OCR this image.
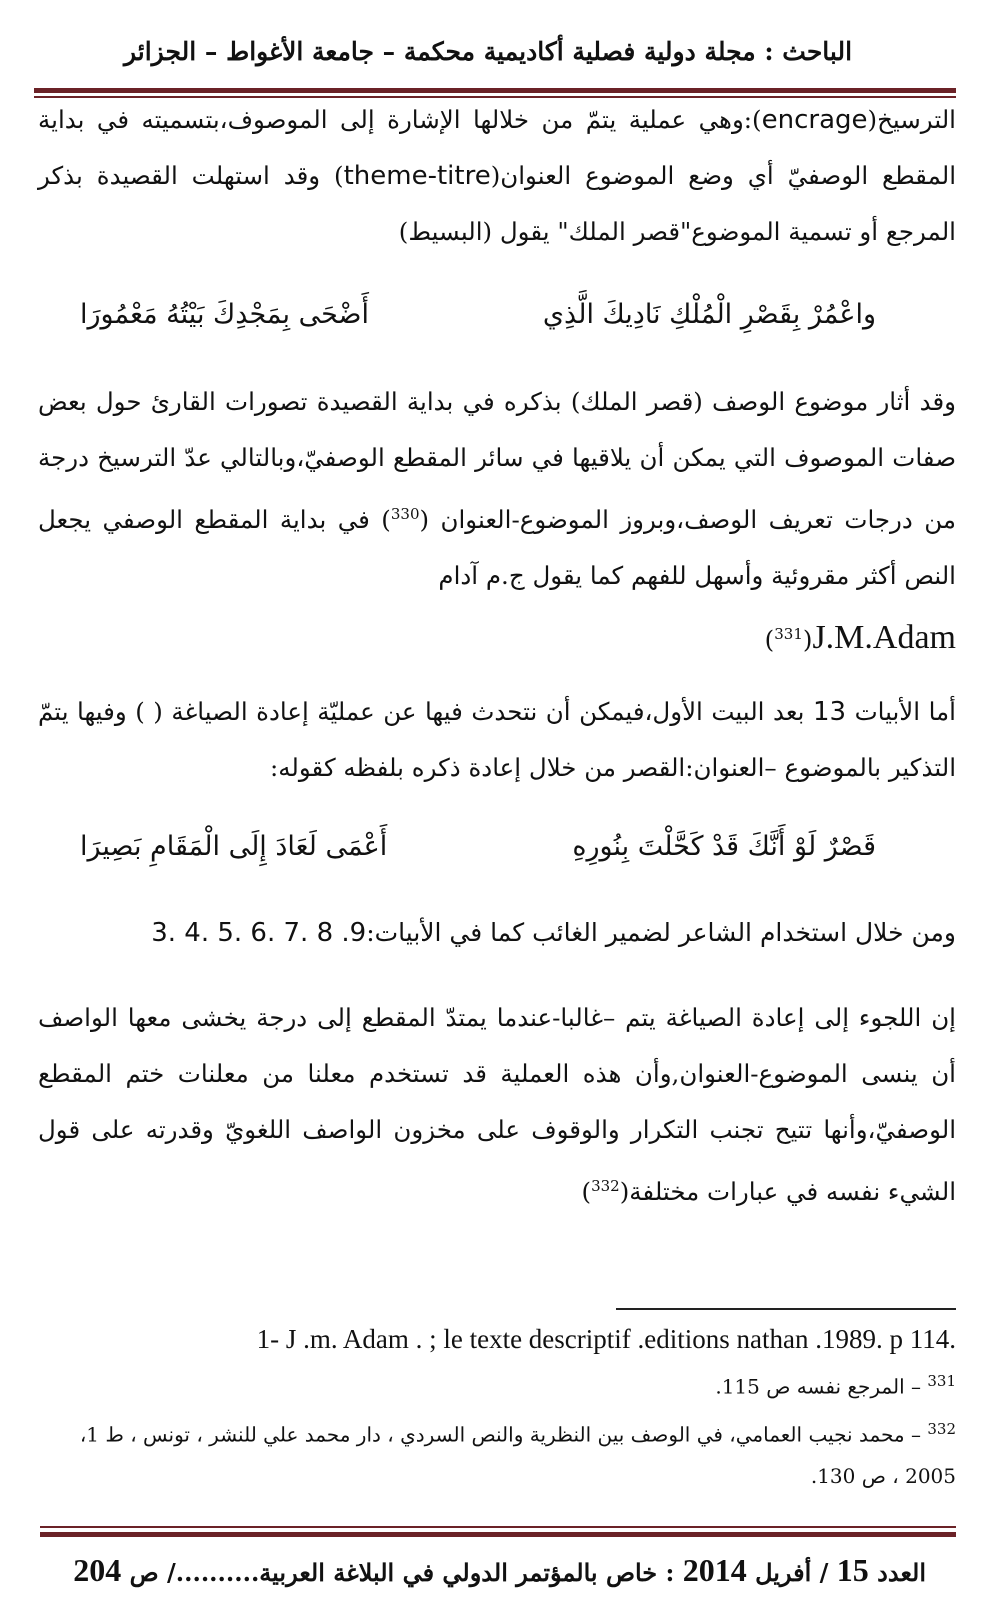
الباحث : مجلة دولية فصلية أكاديمية محكمة – جامعة الأغواط – الجزائر

الترسيخ(encrage):وهي عملية يتمّ من خلالها الإشارة إلى الموصوف،بتسميته في بداية المقطع الوصفيّ أي وضع الموضوع العنوان(theme-titre) وقد استهلت القصيدة بذكر المرجع أو تسمية الموضوع"قصر الملك" يقول (البسيط)

واعْمُرْ بِقَصْرِ الْمُلْكِ نَادِيكَ الَّذِي
أَضْحَى بِمَجْدِكَ بَيْتُهُ مَعْمُورَا

وقد أثار موضوع الوصف (قصر الملك) بذكره في بداية القصيدة تصورات القارئ حول بعض صفات الموصوف التي يمكن أن يلاقيها في سائر المقطع الوصفيّ،وبالتالي عدّ الترسيخ درجة من درجات تعريف الوصف،وبروز الموضوع-العنوان ($^{330}$) في بداية المقطع الوصفي يجعل النص أكثر مقروئية وأسهل للفهم كما يقول ج.م آدام

J.M.Adam($^{331}$)

أما الأبيات 13 بعد البيت الأول،فيمكن أن نتحدث فيها عن عمليّة إعادة الصياغة ( ) وفيها يتمّ التذكير بالموضوع –العنوان:القصر من خلال إعادة ذكره بلفظه كقوله:

قَصْرٌ لَوْ أَنَّكَ قَدْ كَحَّلْتَ بِنُورِهِ
أَعْمَى لَعَادَ إِلَى الْمَقَامِ بَصِيرَا
ومن خلال استخدام الشاعر لضمير الغائب كما في الأبيات:3. 4. 5. 6. 7. 8 .9

إن اللجوء إلى إعادة الصياغة يتم –غالبا-عندما يمتدّ المقطع إلى درجة يخشى معها الواصف أن ينسى الموضوع-العنوان,وأن هذه العملية قد تستخدم معلنا من معلنات ختم المقطع الوصفيّ،وأنها تتيح تجنب التكرار والوقوف على مخزون الواصف اللغويّ وقدرته على قول الشيء نفسه في عبارات مختلفة($^{332}$)

1- J .m. Adam . ; le texte descriptif .editions nathan .1989. p 114.
$^{331}$ – المرجع نفسه ص 115.
$^{332}$ – محمد نجيب العمامي، في الوصف بين النظرية والنص السردي ، دار محمد علي للنشر ، تونس ، ط 1، 2005 ، ص 130.
العدد 15 / أفريل 2014 : خاص بالمؤتمر الدولي في البلاغة العربية........../ ص 204
